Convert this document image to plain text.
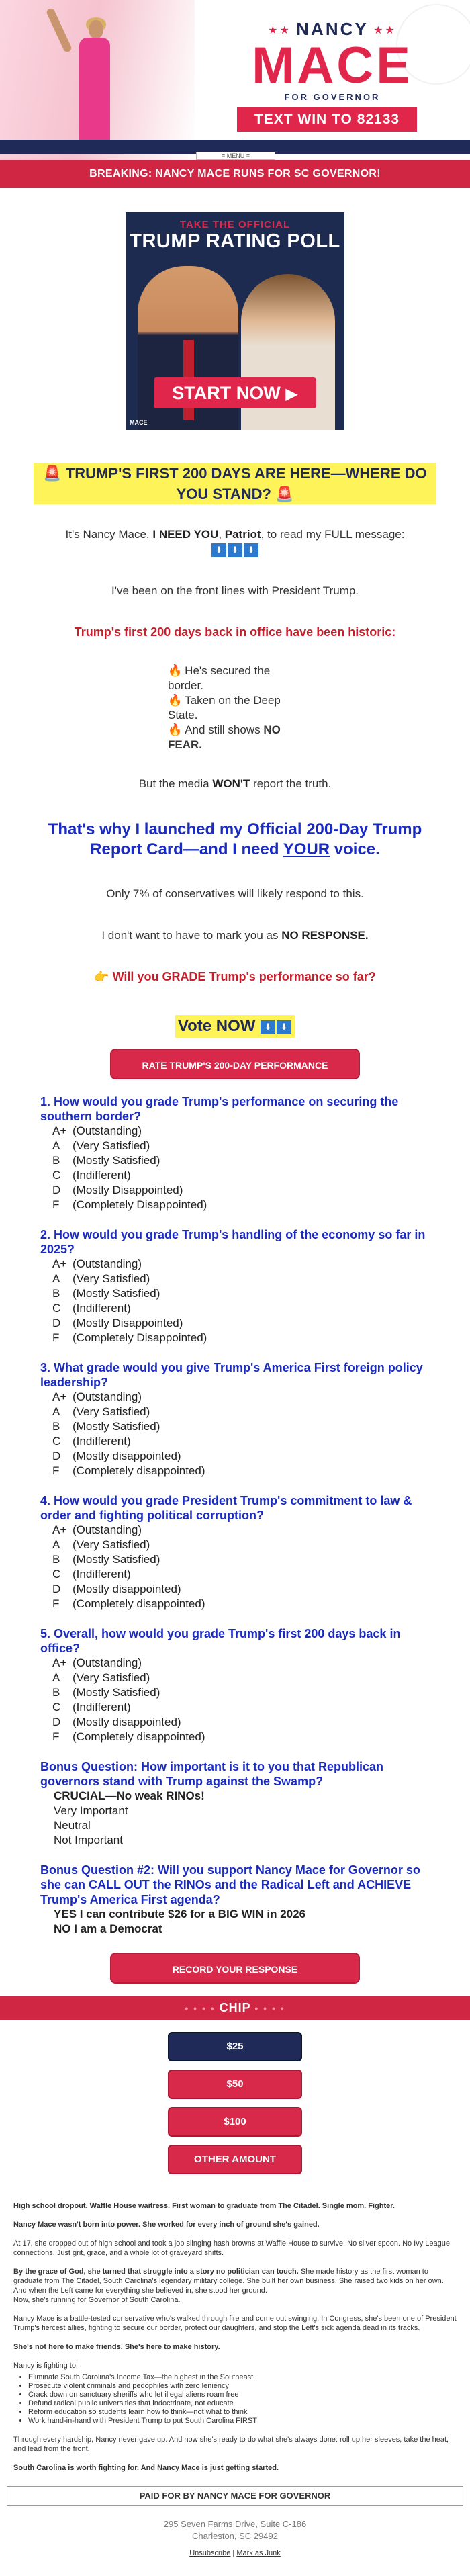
★★ NANCY ★★
MACE
FOR GOVERNOR
TEXT WIN TO 82133
≡ MENU ≡
BREAKING: NANCY MACE RUNS FOR SC GOVERNOR!
TAKE THE OFFICIAL
TRUMP RATING POLL
START NOW ▶
MACE
🚨 TRUMP'S FIRST 200 DAYS ARE HERE—WHERE DO YOU STAND? 🚨
It's Nancy Mace. I NEED YOU, Patriot, to read my FULL message:
⬇ ⬇ ⬇
I've been on the front lines with President Trump.
Trump's first 200 days back in office have been historic:
🔥 He's secured the border.
🔥 Taken on the Deep State.
🔥 And still shows NO FEAR.
But the media WON'T report the truth.
That's why I launched my Official 200-Day Trump Report Card—and I need YOUR voice.
Only 7% of conservatives will likely respond to this.
I don't want to have to mark you as NO RESPONSE.
👉 Will you GRADE Trump's performance so far?
Vote NOW ⬇ ⬇
RATE TRUMP'S 200-DAY PERFORMANCE
1. How would you grade Trump's performance on securing the southern border?
A+ (Outstanding)
A	(Very Satisfied)
B	(Mostly Satisfied)
C	(Indifferent)
D	(Mostly Disappointed)
F	(Completely Disappointed)
2. How would you grade Trump's handling of the economy so far in 2025?
A+ (Outstanding)
A	(Very Satisfied)
B	(Mostly Satisfied)
C	(Indifferent)
D	(Mostly Disappointed)
F	(Completely Disappointed)
3. What grade would you give Trump's America First foreign policy leadership?
A+ (Outstanding)
A	(Very Satisfied)
B	(Mostly Satisfied)
C	(Indifferent)
D	(Mostly disappointed)
F	(Completely disappointed)
4. How would you grade President Trump's commitment to law & order and fighting political corruption?
A+ (Outstanding)
A	(Very Satisfied)
B	(Mostly Satisfied)
C	(Indifferent)
D	(Mostly disappointed)
F	(Completely disappointed)
5. Overall, how would you grade Trump's first 200 days back in office?
A+ (Outstanding)
A	(Very Satisfied)
B	(Mostly Satisfied)
C	(Indifferent)
D	(Mostly disappointed)
F	(Completely disappointed)
Bonus Question: How important is it to you that Republican governors stand with Trump against the Swamp?
CRUCIAL—No weak RINOs!
Very Important
Neutral
Not Important
Bonus Question #2: Will you support Nancy Mace for Governor so she can CALL OUT the RINOs and the Radical Left and ACHIEVE Trump's America First agenda?
YES I can contribute $26 for a BIG WIN in 2026
NO I am a Democrat
RECORD YOUR RESPONSE
• • • • CHIP • • • •
$25
$50
$100
OTHER AMOUNT

High school dropout. Waffle House waitress. First woman to graduate from The Citadel. Single mom. Fighter.

Nancy Mace wasn't born into power. She worked for every inch of ground she's gained.

At 17, she dropped out of high school and took a job slinging hash browns at Waffle House to survive. No silver spoon. No Ivy League connections. Just grit, grace, and a whole lot of graveyard shifts.

By the grace of God, she turned that struggle into a story no politician can touch. She made history as the first woman to graduate from The Citadel, South Carolina's legendary military college. She built her own business. She raised two kids on her own. And when the Left came for everything she believed in, she stood her ground.
Now, she's running for Governor of South Carolina.

Nancy Mace is a battle-tested conservative who's walked through fire and come out swinging. In Congress, she's been one of President Trump's fiercest allies, fighting to secure our border, protect our daughters, and stop the Left's sick agenda dead in its tracks.

She's not here to make friends. She's here to make history.

Nancy is fighting to:

• Eliminate South Carolina's Income Tax—the highest in the Southeast
• Prosecute violent criminals and pedophiles with zero leniency
• Crack down on sanctuary sheriffs who let illegal aliens roam free
• Defund radical public universities that indoctrinate, not educate
• Reform education so students learn how to think—not what to think
• Work hand-in-hand with President Trump to put South Carolina FIRST

Through every hardship, Nancy never gave up. And now she's ready to do what she's always done: roll up her sleeves, take the heat, and lead from the front.

South Carolina is worth fighting for. And Nancy Mace is just getting started.

PAID FOR BY NANCY MACE FOR GOVERNOR
295 Seven Farms Drive, Suite C-186
Charleston, SC 29492
Unsubscribe | Mark as Junk
